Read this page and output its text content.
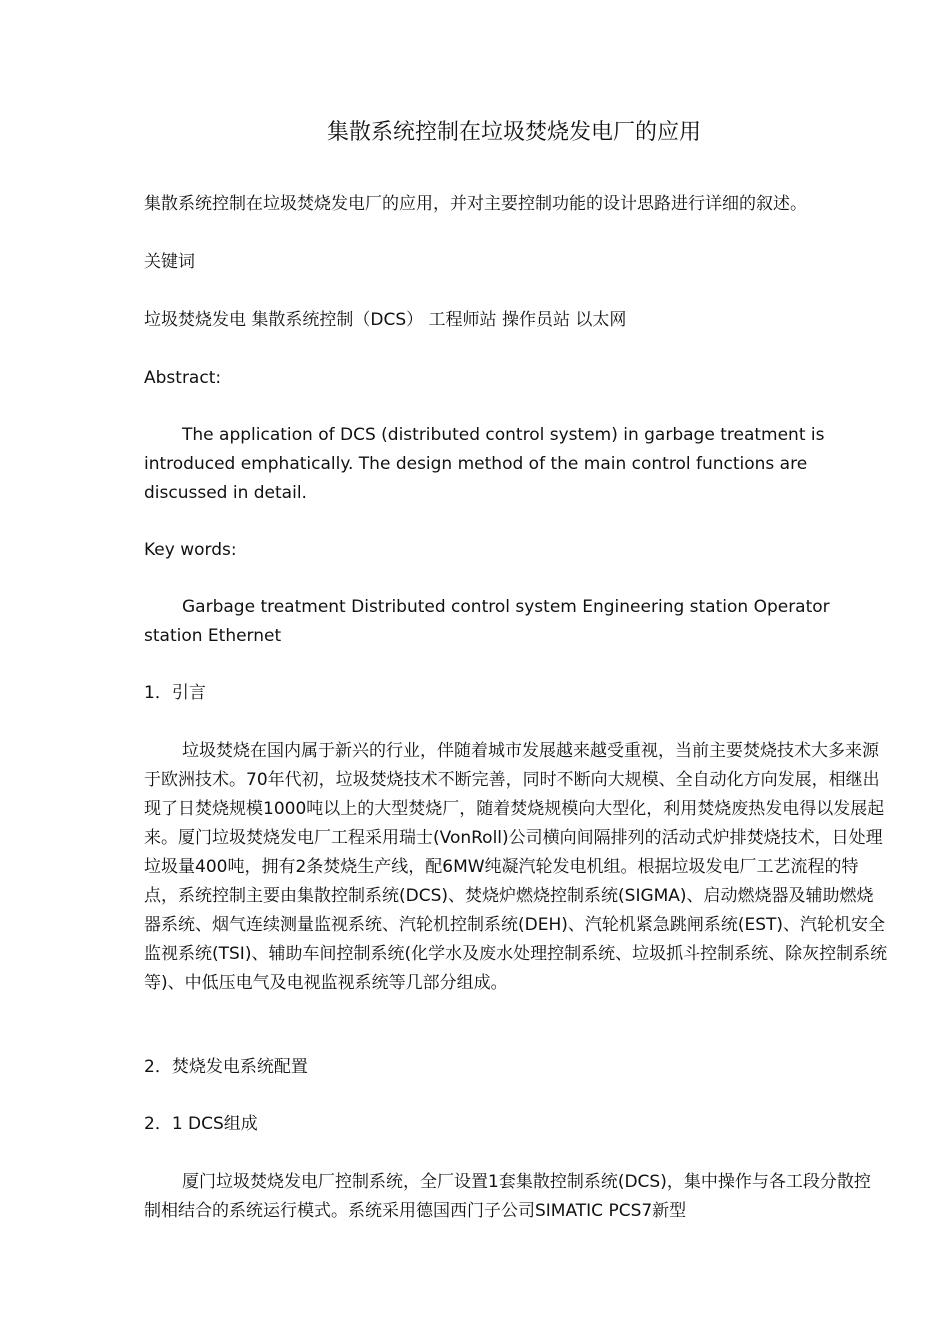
集散系统控制在垃圾焚烧发电厂的应用

集散系统控制在垃圾焚烧发电厂的应用，并对主要控制功能的设计思路进行详细的叙述。

关键词

垃圾焚烧发电 集散系统控制（DCS） 工程师站 操作员站 以太网

Abstract:

The application of DCS (distributed control system) in garbage treatment is introduced emphatically. The design method of the main control functions are discussed in detail.

Key words:

Garbage treatment Distributed control system Engineering station Operator station Ethernet

1．引言

垃圾焚烧在国内属于新兴的行业，伴随着城市发展越来越受重视，当前主要焚烧技术大多来源于欧洲技术。70年代初，垃圾焚烧技术不断完善，同时不断向大规模、全自动化方向发展，相继出现了日焚烧规模1000吨以上的大型焚烧厂，随着焚烧规模向大型化，利用焚烧废热发电得以发展起来。厦门垃圾焚烧发电厂工程采用瑞士(VonRoll)公司横向间隔排列的活动式炉排焚烧技术，日处理垃圾量400吨，拥有2条焚烧生产线，配6MW纯凝汽轮发电机组。根据垃圾发电厂工艺流程的特点，系统控制主要由集散控制系统(DCS)、焚烧炉燃烧控制系统(SIGMA)、启动燃烧器及辅助燃烧器系统、烟气连续测量监视系统、汽轮机控制系统(DEH)、汽轮机紧急跳闸系统(EST)、汽轮机安全监视系统(TSI)、辅助车间控制系统(化学水及废水处理控制系统、垃圾抓斗控制系统、除灰控制系统等)、中低压电气及电视监视系统等几部分组成。

2．焚烧发电系统配置

2．1 DCS组成

厦门垃圾焚烧发电厂控制系统，全厂设置1套集散控制系统(DCS)，集中操作与各工段分散控制相结合的系统运行模式。系统采用德国西门子公司SIMATIC PCS7新型
